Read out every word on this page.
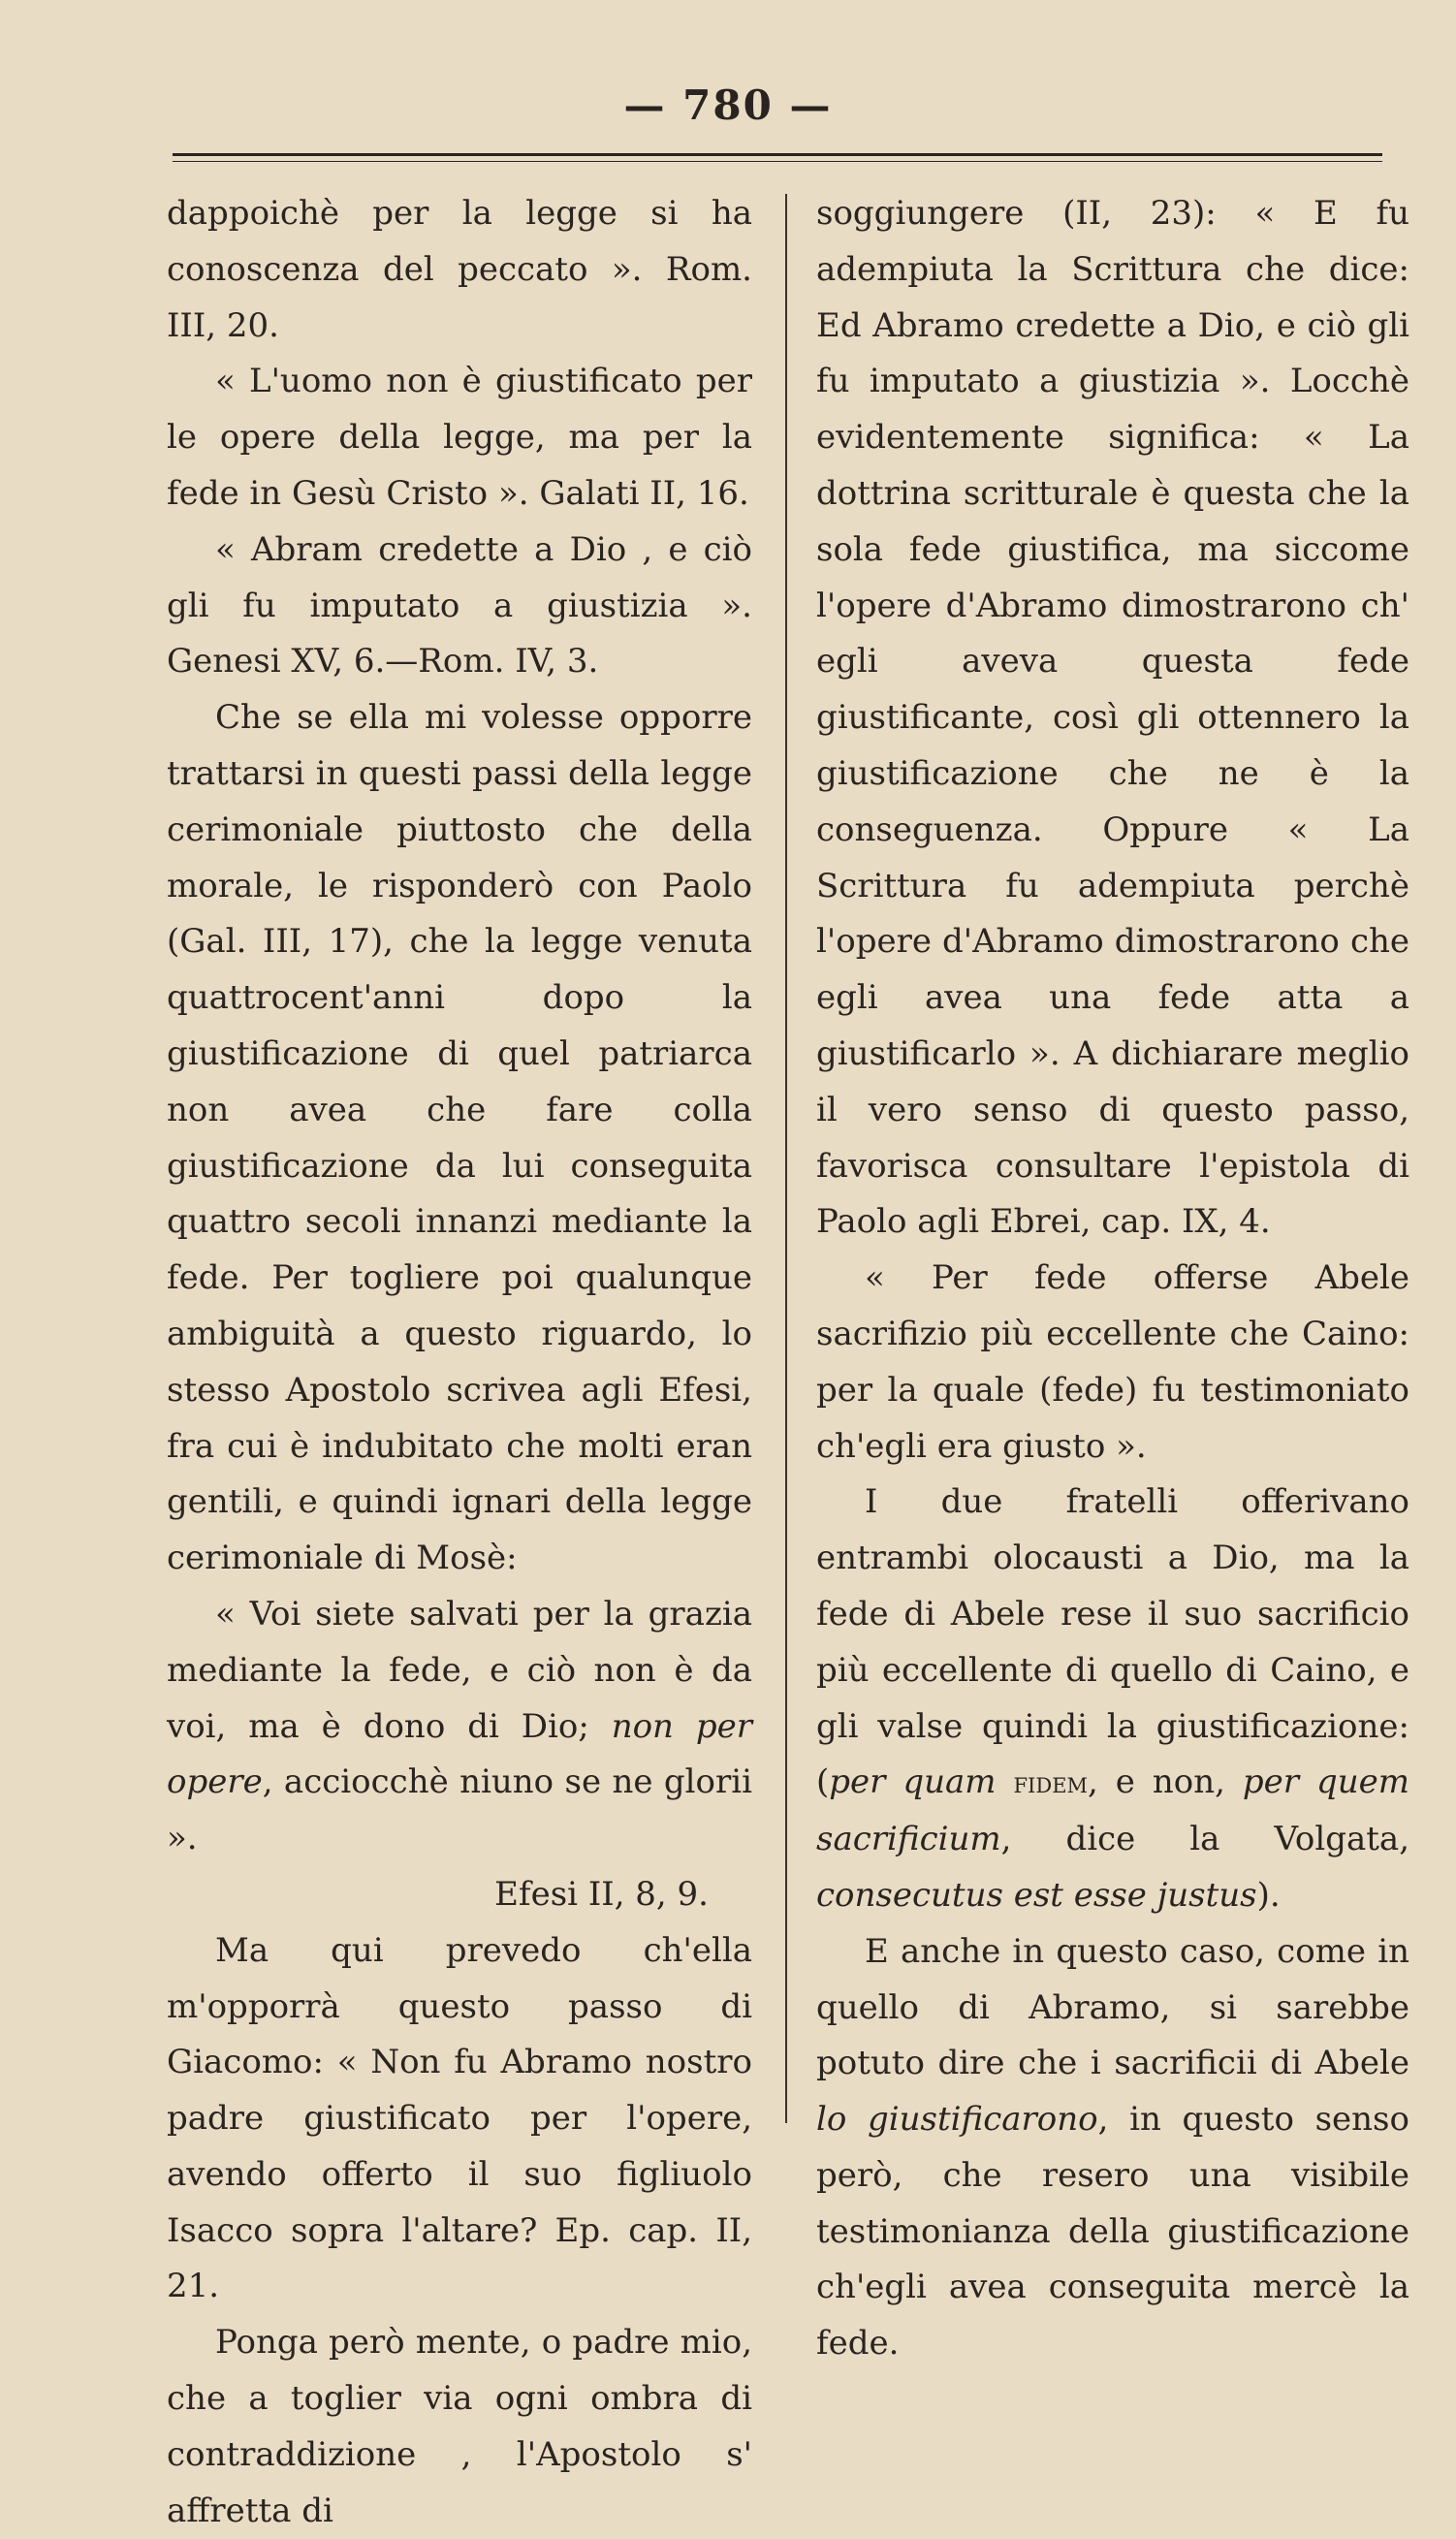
— 780 —

dappoichè per la legge si ha conoscenza del peccato ». Rom. III, 20.

« L'uomo non è giustificato per le opere della legge, ma per la fede in Gesù Cristo ». Galati II, 16.

« Abram credette a Dio , e ciò gli fu imputato a giustizia ». Genesi XV, 6.—Rom. IV, 3.

Che se ella mi volesse opporre trattarsi in questi passi della legge cerimoniale piuttosto che della morale, le risponderò con Paolo (Gal. III, 17), che la legge venuta quattrocent'anni dopo la giustificazione di quel patriarca non avea che fare colla giustificazione da lui conseguita quattro secoli innanzi mediante la fede. Per togliere poi qualunque ambiguità a questo riguardo, lo stesso Apostolo scrivea agli Efesi, fra cui è indubitato che molti eran gentili, e quindi ignari della legge cerimoniale di Mosè:

« Voi siete salvati per la grazia mediante la fede, e ciò non è da voi, ma è dono di Dio; non per opere, acciocchè niuno se ne glorii ».

Efesi II, 8, 9.

Ma qui prevedo ch'ella m'opporrà questo passo di Giacomo: « Non fu Abramo nostro padre giustificato per l'opere, avendo offerto il suo figliuolo Isacco sopra l'altare? Ep. cap. II, 21.

Ponga però mente, o padre mio, che a toglier via ogni ombra di contraddizione , l'Apostolo s' affretta di

soggiungere (II, 23): « E fu adempiuta la Scrittura che dice: Ed Abramo credette a Dio, e ciò gli fu imputato a giustizia ». Locchè evidentemente significa: « La dottrina scritturale è questa che la sola fede giustifica, ma siccome l'opere d'Abramo dimostrarono ch' egli aveva questa fede giustificante, così gli ottennero la giustificazione che ne è la conseguenza. Oppure « La Scrittura fu adempiuta perchè l'opere d'Abramo dimostrarono che egli avea una fede atta a giustificarlo ». A dichiarare meglio il vero senso di questo passo, favorisca consultare l'epistola di Paolo agli Ebrei, cap. IX, 4.

« Per fede offerse Abele sacrifizio più eccellente che Caino: per la quale (fede) fu testimoniato ch'egli era giusto ».

I due fratelli offerivano entrambi olocausti a Dio, ma la fede di Abele rese il suo sacrificio più eccellente di quello di Caino, e gli valse quindi la giustificazione: (per quam fidem, e non, per quem sacrificium, dice la Volgata, consecutus est esse justus).

E anche in questo caso, come in quello di Abramo, si sarebbe potuto dire che i sacrificii di Abele lo giustificarono, in questo senso però, che resero una visibile testimonianza della giustificazione ch'egli avea conseguita mercè la fede.
